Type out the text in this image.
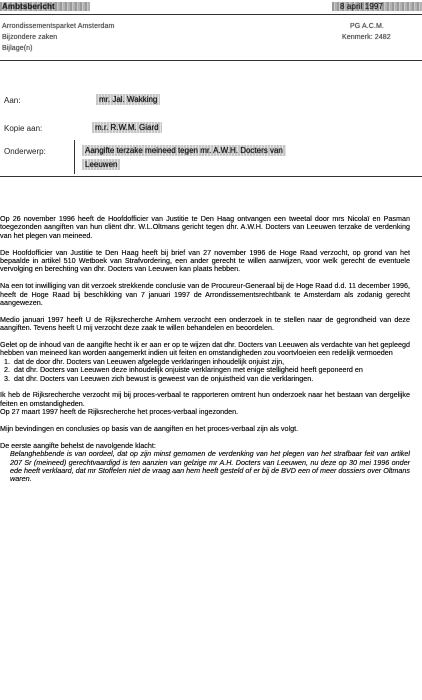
Ambtsbericht	8 april 1997
Arrondissementsparket Amsterdam
Bijzondere zaken
Bijlage(n)
PG A.C.M.
Kenmerk: 2482
Aan:	mr. Jal. Wakking
Kopie aan:	m.r. R.W.M. Giard
Onderwerp:	Aangifte terzake meineed tegen mr. A.W.H. Docters van
Leeuwen

Op 26 november 1996 heeft de Hoofdofficier van Justitie te Den Haag ontvangen een tweetal door mrs Nicolaï en Pasman toegezonden aangiften van hun cliënt dhr. W.L.Oltmans gericht tegen dhr. A.W.H. Docters van Leeuwen terzake de verdenking van het plegen van meineed.

De Hoofdofficier van Justitie te Den Haag heeft bij brief van 27 november 1996 de Hoge Raad verzocht, op grond van het bepaalde in artikel 510 Wetboek van Strafvordering, een ander gerecht te willen aanwijzen, voor welk gerecht de eventuele vervolging en berechting van dhr. Docters van Leeuwen kan plaats hebben.

Na een tot inwilliging van dit verzoek strekkende conclusie van de Procureur-Generaal bij de Hoge Raad d.d. 11 december 1996, heeft de Hoge Raad bij beschikking van 7 januari 1997 de Arrondissementsrechtbank te Amsterdam als zodanig gerecht aangewezen.

Medio januari 1997 heeft U de Rijksrecherche Arnhem verzocht een onderzoek in te stellen naar de gegrondheid van deze aangiften. Tevens heeft U mij verzocht deze zaak te willen behandelen en beoordelen.

Gelet op de inhoud van de aangifte hecht ik er aan er op te wijzen dat dhr. Docters van Leeuwen als verdachte van het gepleegd hebben van meineed kan worden aangemerkt indien uit feiten en omstandigheden zou voortvloeien een redelijk vermoeden

1. dat de door dhr. Docters van Leeuwen afgelegde verklaringen inhoudelijk onjuist zijn,
2. dat dhr. Docters van Leeuwen deze inhoudelijk onjuiste verklaringen met enige stelligheid heeft geponeerd en
3. dat dhr. Docters van Leeuwen zich bewust is geweest van de onjuistheid van die verklaringen.

Ik heb de Rijksrecherche verzocht mij bij proces-verbaal te rapporteren omtrent hun onderzoek naar het bestaan van dergelijke feiten en omstandigheden.

Op 27 maart 1997 heeft de Rijksrecherche het proces-verbaal ingezonden.

Mijn bevindingen en conclusies op basis van de aangiften en het proces-verbaal zijn als volgt.

De eerste aangifte behelst de navolgende klacht:

Belanghebbende is van oordeel, dat op zijn minst gemomen de verdenking van het plegen van het strafbaar feit van artikel 207 Sr (meineed) gerechtvaardigd is ten aanzien van gelzige mr A.H. Docters van Leeuwen, nu deze op 30 mei 1996 onder ede heeft verklaard, dat mr Stoffelen niet de vraag aan hem heeft gesteld of er bij de BVD een of meer dossiers over Oltmans waren.
